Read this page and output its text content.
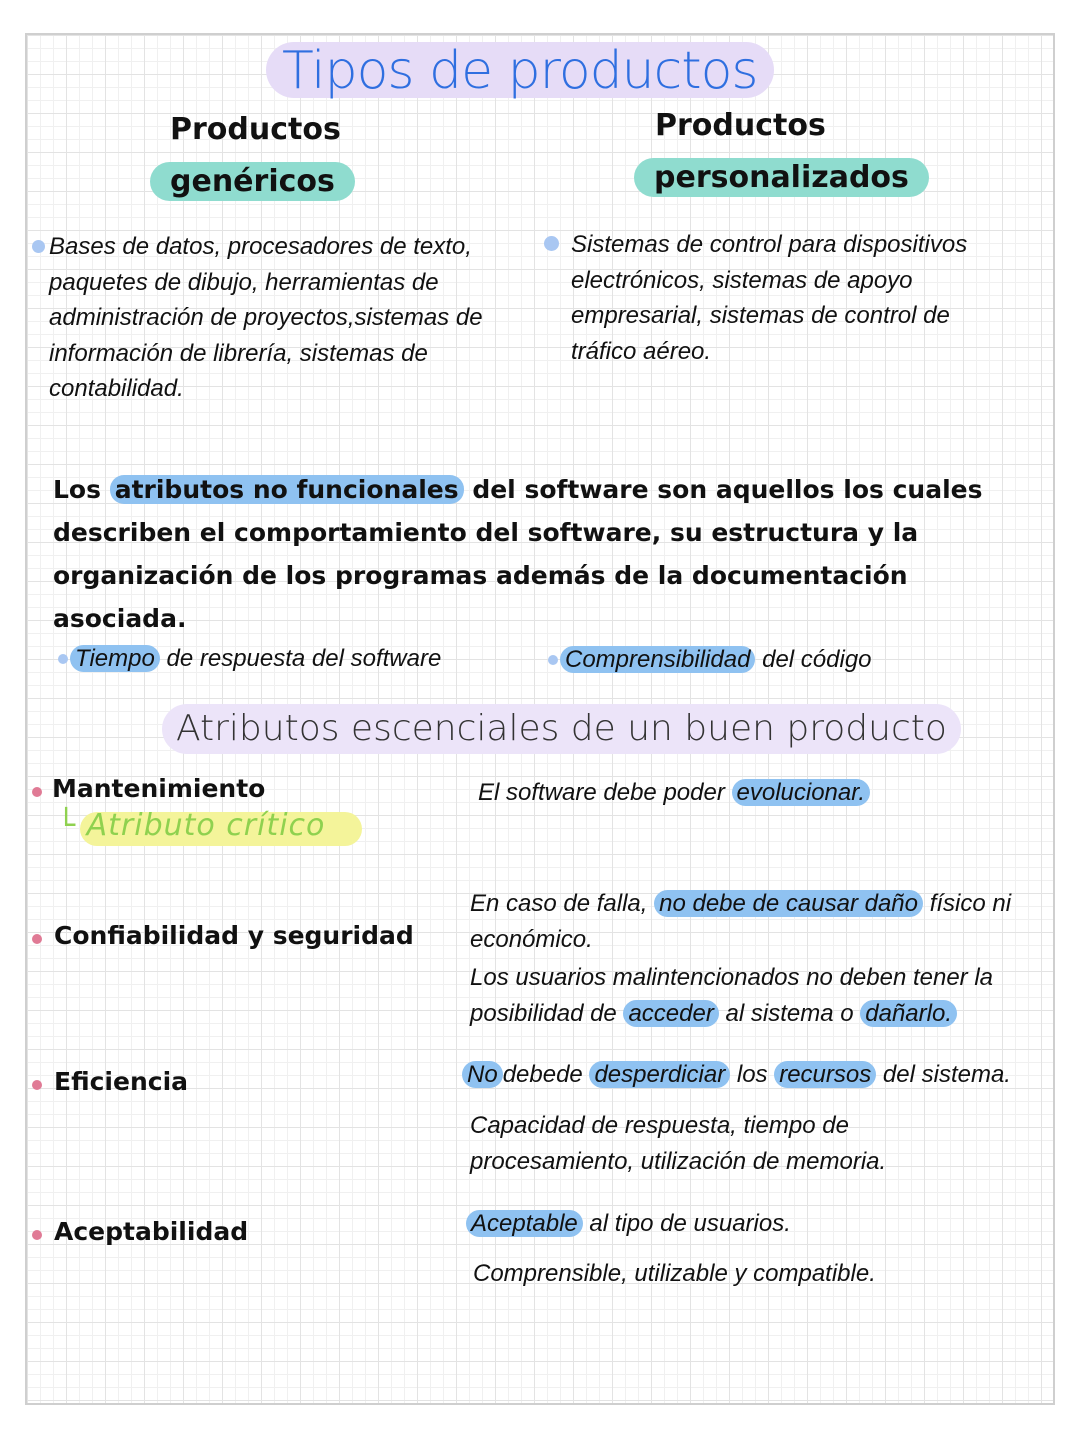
Tipos de productos
Productos
genéricos
Productos
personalizados
Bases de datos, procesadores de texto,
paquetes de dibujo, herramientas de
administración de proyectos,sistemas de
información de librería, sistemas de
contabilidad.
Sistemas de control para dispositivos
electrónicos, sistemas de apoyo
empresarial, sistemas de control de
tráfico aéreo.
Los atributos no funcionales del software son aquellos los cuales describen el comportamiento del software, su estructura y la organización de los programas además de la documentación asociada.
Tiempo de respuesta del software	Comprensibilidad del código
Atributos escenciales de un buen producto
Mantenimiento
└ Atributo crítico
El software debe poder evolucionar.
Confiabilidad y seguridad
En caso de falla, no debe de causar daño físico ni
económico.
Los usuarios malintencionados no deben tener la
posibilidad de acceder al sistema o dañarlo.
Eficiencia	No debede desperdiciar los recursos del sistema.
Capacidad de respuesta, tiempo de
procesamiento, utilización de memoria.
Aceptabilidad	Aceptable al tipo de usuarios.
Comprensible, utilizable y compatible.
